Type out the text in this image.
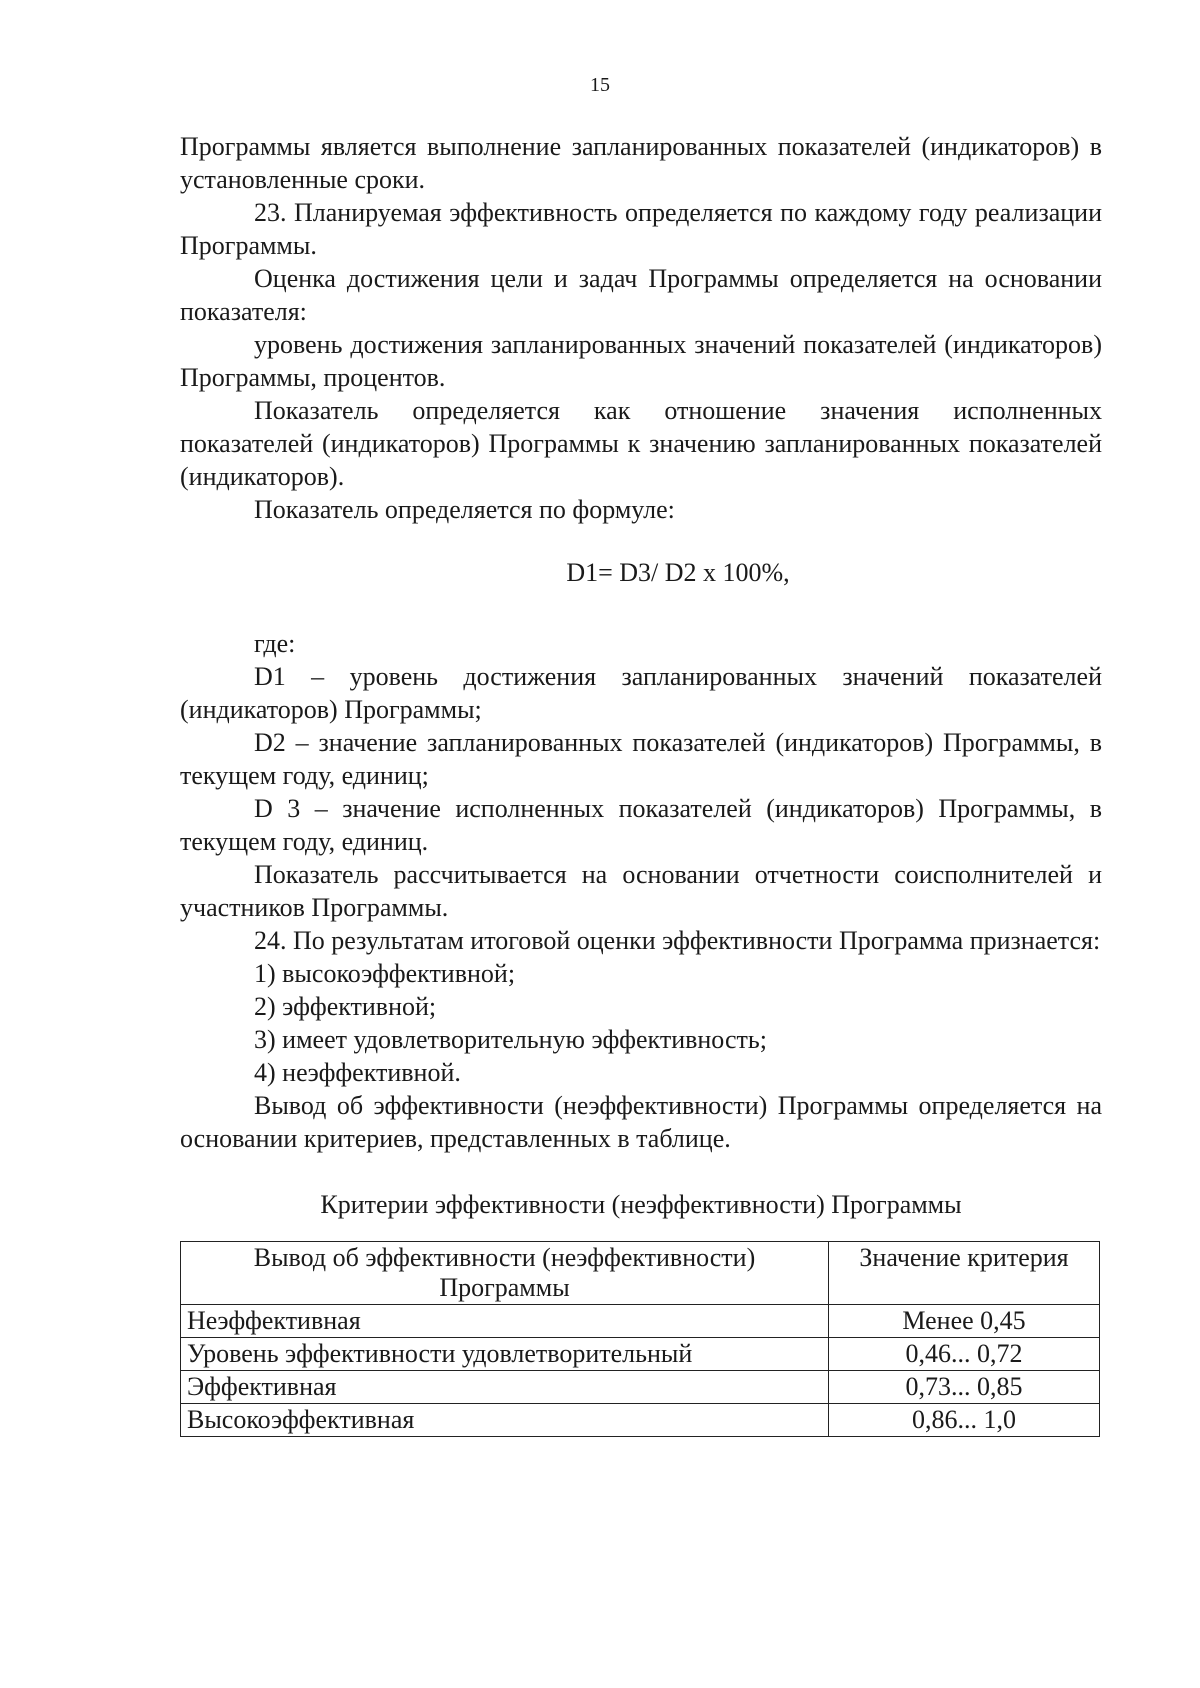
15

Программы является выполнение запланированных показателей (индикаторов) в установленные сроки.

23. Планируемая эффективность определяется по каждому году реализации Программы.

Оценка достижения цели и задач Программы определяется на основании показателя:

уровень достижения запланированных значений показателей (индикаторов) Программы, процентов.

Показатель определяется как отношение значения исполненных показателей (индикаторов) Программы к значению запланированных показателей (индикаторов).

Показатель определяется по формуле:

D1= D3/ D2 x 100%,

где:

D1 – уровень достижения запланированных значений показателей (индикаторов) Программы;

D2 – значение запланированных показателей (индикаторов) Программы, в текущем году, единиц;

D 3 – значение исполненных показателей (индикаторов) Программы, в текущем году, единиц.

Показатель рассчитывается на основании отчетности соисполнителей и участников Программы.

24. По результатам итоговой оценки эффективности Программа признается:

1) высокоэффективной;

2) эффективной;

3) имеет удовлетворительную эффективность;

4) неэффективной.

Вывод об эффективности (неэффективности) Программы определяется на основании критериев, представленных в таблице.

Критерии эффективности (неэффективности) Программы
Вывод об эффективности (неэффективности) Программы	Значение критерия
Неэффективная	Менее 0,45
Уровень эффективности удовлетворительный	0,46... 0,72
Эффективная	0,73... 0,85
Высокоэффективная	0,86... 1,0
